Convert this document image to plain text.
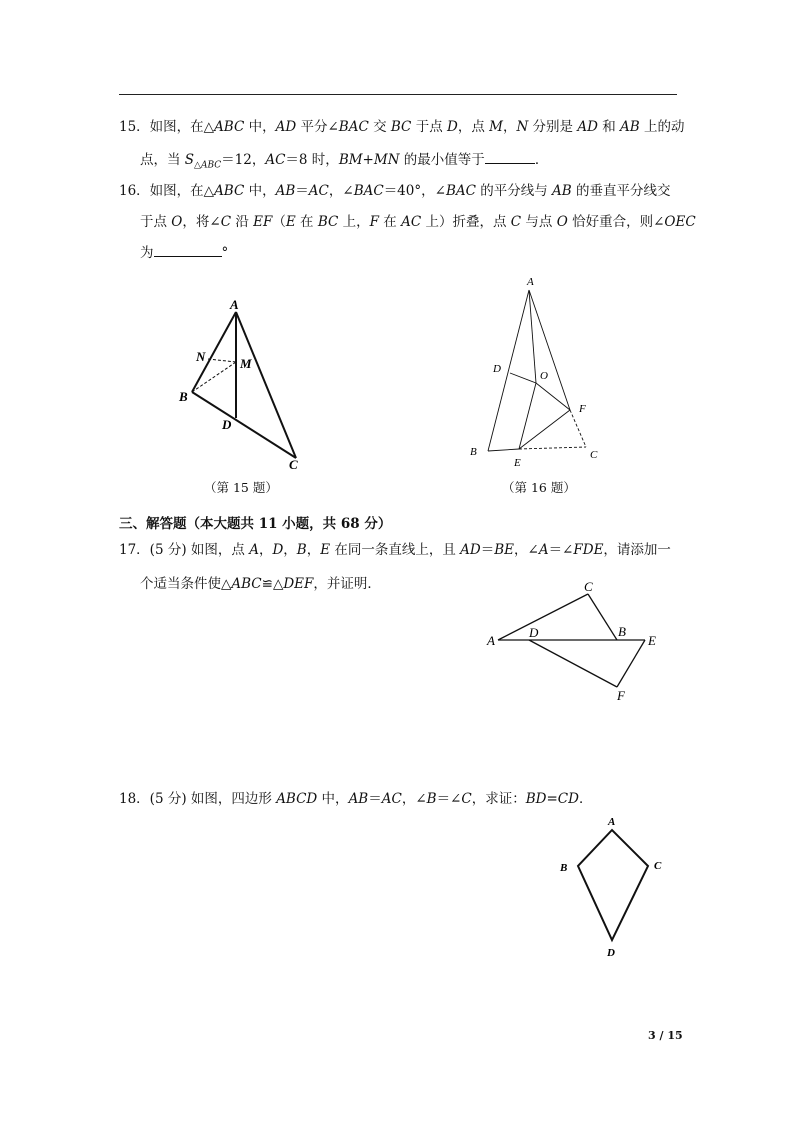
15．如图，在△ABC 中，AD 平分∠BAC 交 BC 于点 D，点 M，N 分别是 AD 和 AB 上的动
点，当 $S_{\triangle ABC}=12$，AC＝8 时，BM+MN 的最小值等于	．
16．如图，在△ABC 中，AB＝AC，∠BAC＝40°，∠BAC 的平分线与 AB 的垂直平分线交
于点 O，将∠C 沿 EF（E 在 BC 上，F 在 AC 上）折叠，点 C 与点 O 恰好重合，则∠OEC
为	°
A
N	M
B
D
C
（第 15 题）
A
D
O
F
B
E
C
（第 16 题）
三、解答题（本大题共 11 小题，共 68 分）
17．(5 分) 如图，点 A，D，B，E 在同一条直线上，且 AD＝BE，∠A＝∠FDE，请添加一
个适当条件使△ABC≌△DEF，并证明．
A
D
C
B
E
F
18．(5 分) 如图，四边形 ABCD 中，AB＝AC，∠B＝∠C，求证：BD=CD．
A
B	C
D
3 / 15
